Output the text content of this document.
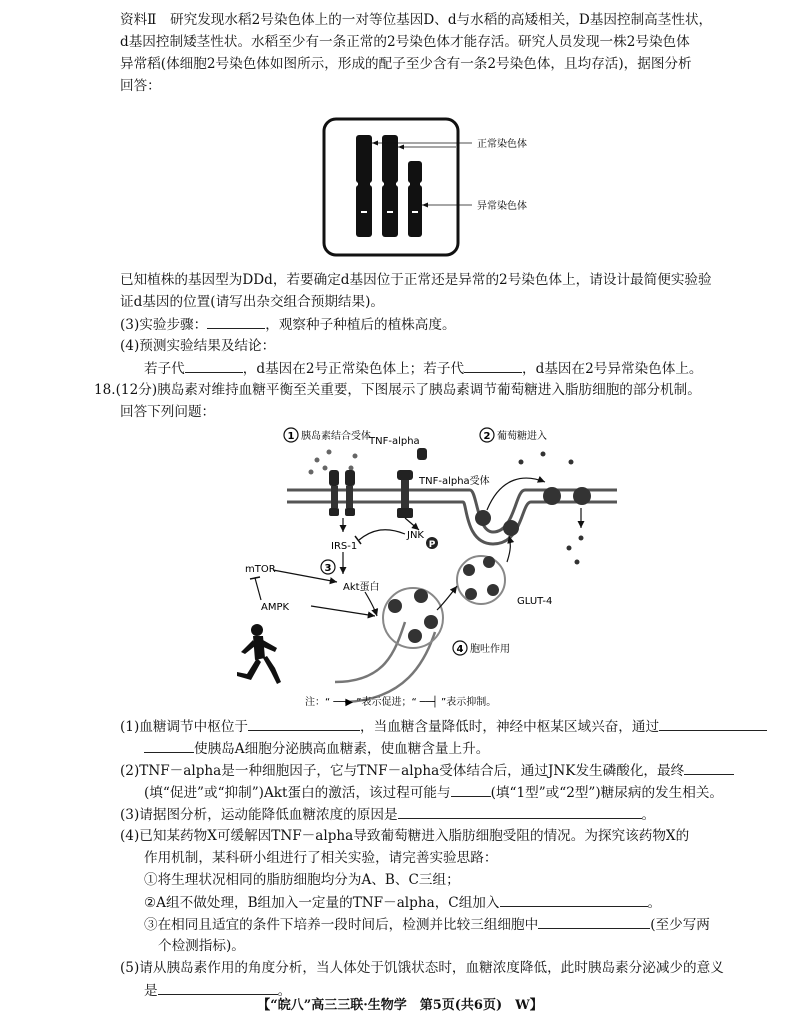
资料Ⅱ　研究发现水稻2号染色体上的一对等位基因D、d与水稻的高矮相关，D基因控制高茎性状，
d基因控制矮茎性状。水稻至少有一条正常的2号染色体才能存活。研究人员发现一株2号染色体
异常稻(体细胞2号染色体如图所示，形成的配子至少含有一条2号染色体，且均存活)，据图分析
回答：
正常染色体
异常染色体
已知植株的基因型为DDd，若要确定d基因位于正常还是异常的2号染色体上，请设计最简便实验验
证d基因的位置(请写出杂交组合预期结果)。
(3)实验步骤：	，观察种子种植后的植株高度。
(4)预测实验结果及结论：
若子代	，d基因在2号正常染色体上；若子代	，d基因在2号异常染色体上。
18.(12分)胰岛素对维持血糖平衡至关重要，下图展示了胰岛素调节葡萄糖进入脂肪细胞的部分机制。
回答下列问题：
1 胰岛素结合受体
TNF-alpha
TNF-alpha受体
2 葡萄糖进入
IRS-1
JNK
P
3
Akt蛋白
mTOR
AMPK
GLUT-4
4 胞吐作用
注：“ ──▶ ”表示促进；“ ──┤ ”表示抑制。
(1)血糖调节中枢位于	，当血糖含量降低时，神经中枢某区域兴奋，通过
使胰岛A细胞分泌胰高血糖素，使血糖含量上升。
(2)TNF－alpha是一种细胞因子，它与TNF－alpha受体结合后，通过JNK发生磷酸化，最终
(填“促进”或“抑制”)Akt蛋白的激活，该过程可能与	(填“1型”或“2型”)糖尿病的发生相关。
(3)请据图分析，运动能降低血糖浓度的原因是	。
(4)已知某药物X可缓解因TNF－alpha导致葡萄糖进入脂肪细胞受阻的情况。为探究该药物X的
作用机制，某科研小组进行了相关实验，请完善实验思路：
①将生理状况相同的脂肪细胞均分为A、B、C三组；
②A组不做处理，B组加入一定量的TNF－alpha，C组加入	。
③在相同且适宜的条件下培养一段时间后，检测并比较三组细胞中	(至少写两
个检测指标)。
(5)请从胰岛素作用的角度分析，当人体处于饥饿状态时，血糖浓度降低，此时胰岛素分泌减少的意义
是	。
【“皖八”高三三联·生物学　第5页(共6页)　W】
